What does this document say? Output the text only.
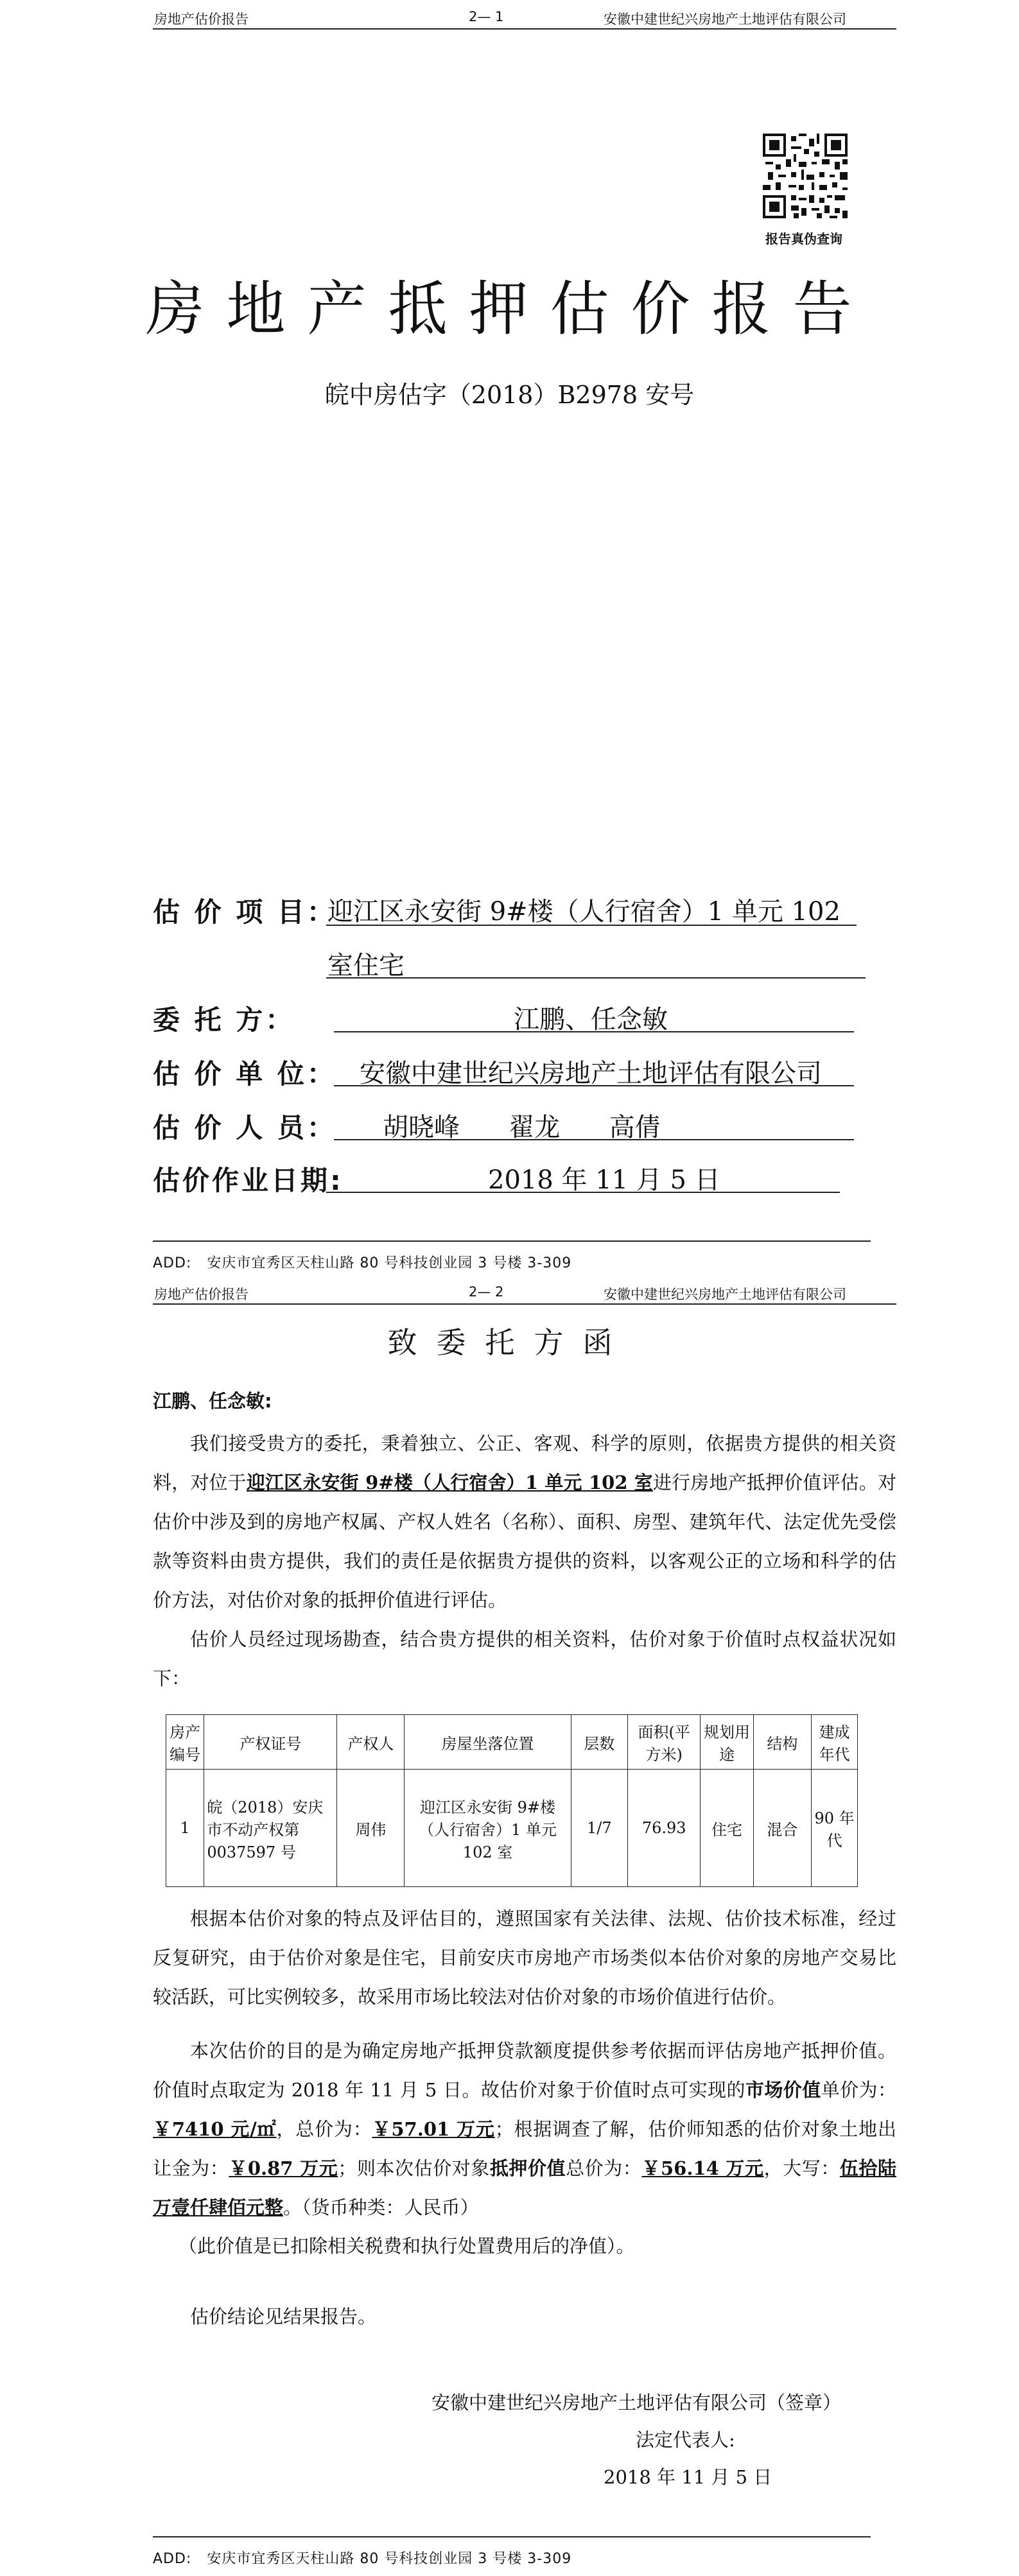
房地产估价报告	2— 1	安徽中建世纪兴房地产土地评估有限公司
报告真伪查询
房地产抵押估价报告
皖中房估字（2018）B2978 安号
估 价 项 目：
迎江区永安街 9#楼（人行宿舍）1 单元 102
室住宅
委 托 方：	江鹏、任念敏
估 价 单 位： 安徽中建世纪兴房地产土地评估有限公司
估 价 人 员： 胡晓峰      翟龙      高倩
估价作业日期:	2018 年 11 月 5 日
ADD:   安庆市宜秀区天柱山路 80 号科技创业园 3 号楼 3-309
房地产估价报告	2— 2	安徽中建世纪兴房地产土地评估有限公司
致委托方函
江鹏、任念敏:
我们接受贵方的委托，秉着独立、公正、客观、科学的原则，依据贵方提供的相关资料，对位于迎江区永安街 9#楼（人行宿舍）1 单元 102 室进行房地产抵押价值评估。对估价中涉及到的房地产权属、产权人姓名（名称）、面积、房型、建筑年代、法定优先受偿款等资料由贵方提供，我们的责任是依据贵方提供的资料，以客观公正的立场和科学的估价方法，对估价对象的抵押价值进行评估。
估价人员经过现场勘查，结合贵方提供的相关资料，估价对象于价值时点权益状况如下：
房产编号	产权证号	产权人	房屋坐落位置	层数	面积(平方米)	规划用途	结构	建成年代
1	皖（2018）安庆市不动产权第 0037597 号	周伟	迎江区永安街 9#楼（人行宿舍）1 单元 102 室	1/7	76.93	住宅	混合	90 年代
根据本估价对象的特点及评估目的，遵照国家有关法律、法规、估价技术标准，经过反复研究，由于估价对象是住宅，目前安庆市房地产市场类似本估价对象的房地产交易比较活跃，可比实例较多，故采用市场比较法对估价对象的市场价值进行估价。
本次估价的目的是为确定房地产抵押贷款额度提供参考依据而评估房地产抵押价值。价值时点取定为 2018 年 11 月 5 日。故估价对象于价值时点可实现的市场价值单价为：￥7410 元/㎡，总价为：￥57.01 万元；根据调查了解，估价师知悉的估价对象土地出让金为：￥0.87 万元；则本次估价对象抵押价值总价为：￥56.14 万元，大写：伍拾陆万壹仟肆佰元整。（货币种类：人民币）
（此价值是已扣除相关税费和执行处置费用后的净值）。
估价结论见结果报告。
安徽中建世纪兴房地产土地评估有限公司（签章）
法定代表人:
2018 年 11 月 5 日
ADD:   安庆市宜秀区天柱山路 80 号科技创业园 3 号楼 3-309
